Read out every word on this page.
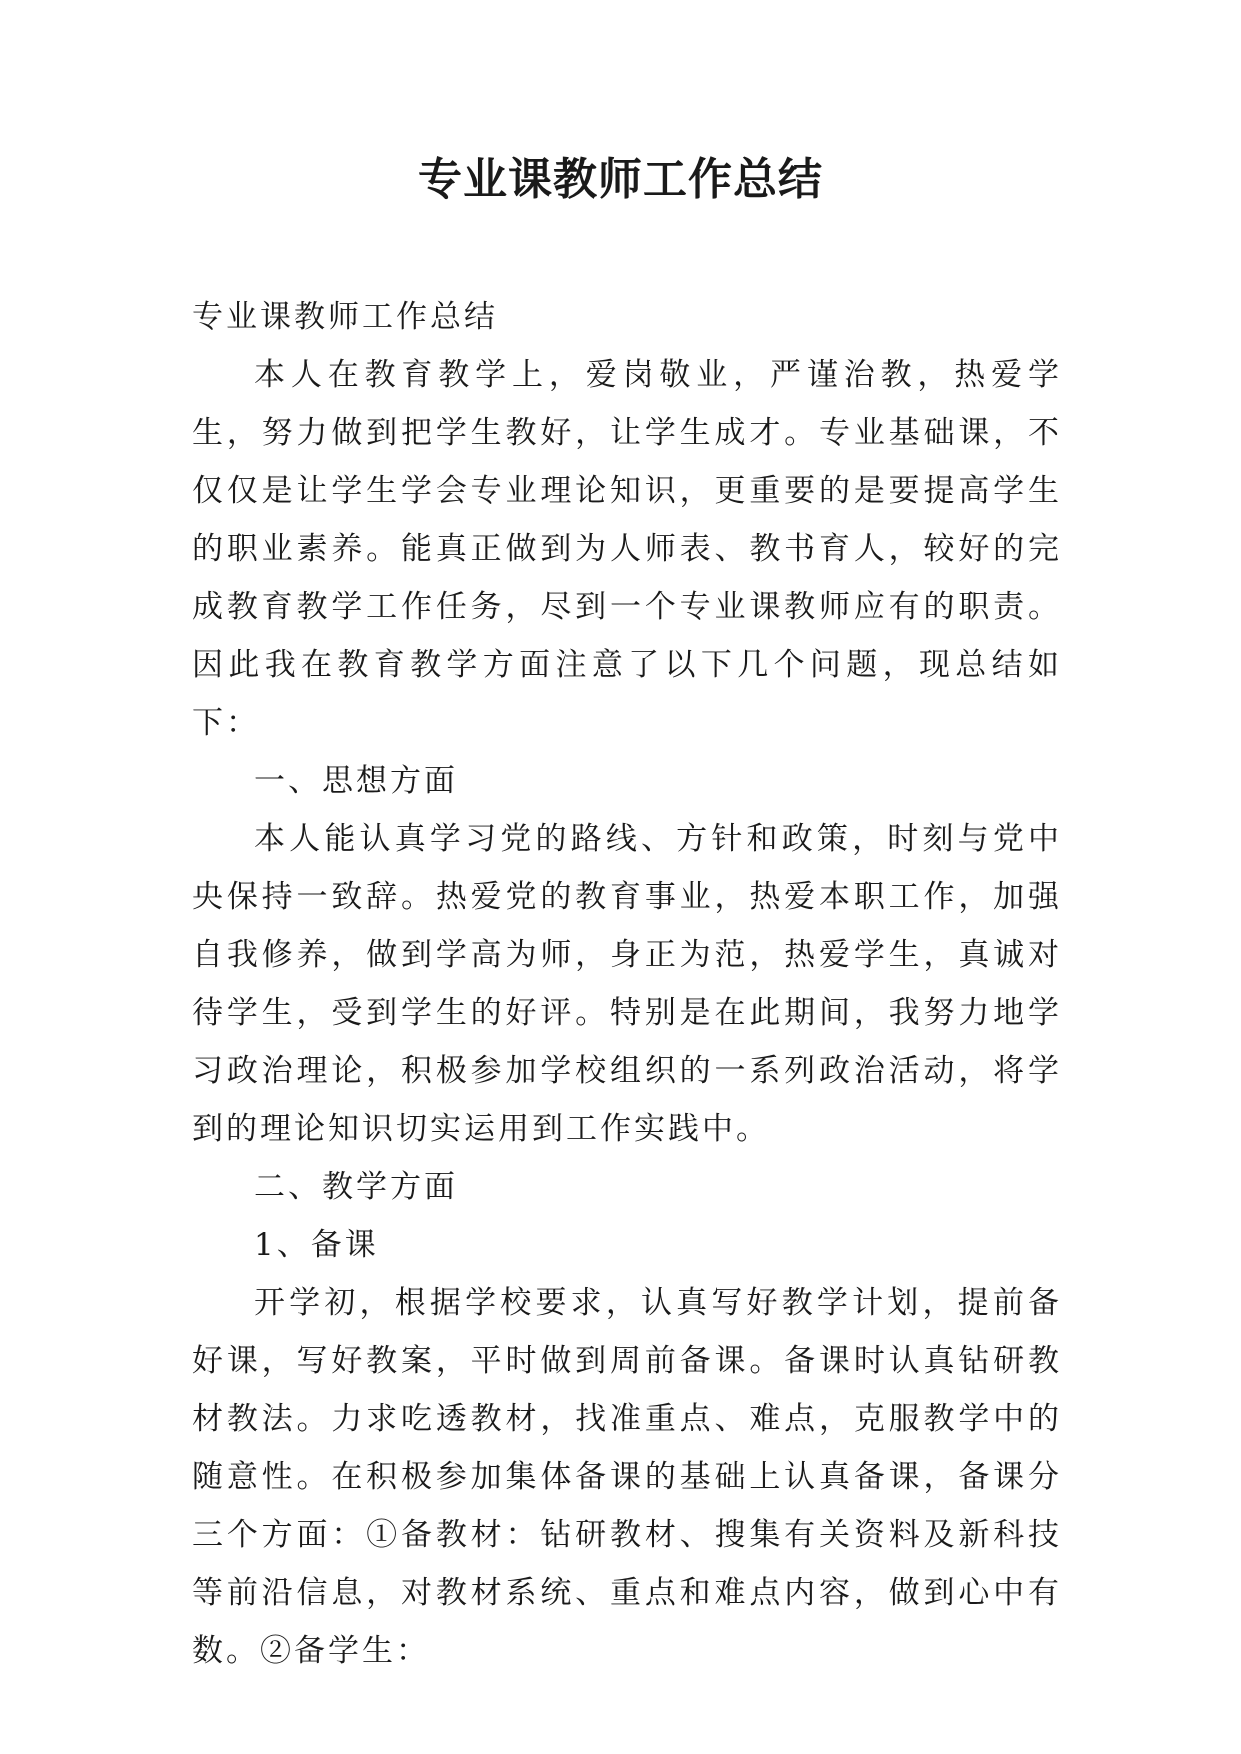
专业课教师工作总结

专业课教师工作总结

本人在教育教学上，爱岗敬业，严谨治教，热爱学生，努力做到把学生教好，让学生成才。专业基础课，不仅仅是让学生学会专业理论知识，更重要的是要提高学生的职业素养。能真正做到为人师表、教书育人，较好的完成教育教学工作任务，尽到一个专业课教师应有的职责。因此我在教育教学方面注意了以下几个问题，现总结如下：

一、思想方面

本人能认真学习党的路线、方针和政策，时刻与党中央保持一致辞。热爱党的教育事业，热爱本职工作，加强自我修养，做到学高为师，身正为范，热爱学生，真诚对待学生，受到学生的好评。特别是在此期间，我努力地学习政治理论，积极参加学校组织的一系列政治活动，将学到的理论知识切实运用到工作实践中。

二、教学方面

1、备课

开学初，根据学校要求，认真写好教学计划，提前备好课，写好教案，平时做到周前备课。备课时认真钻研教材教法。力求吃透教材，找准重点、难点，克服教学中的随意性。在积极参加集体备课的基础上认真备课，备课分三个方面：①备教材：钻研教材、搜集有关资料及新科技等前沿信息，对教材系统、重点和难点内容，做到心中有数。②备学生：
